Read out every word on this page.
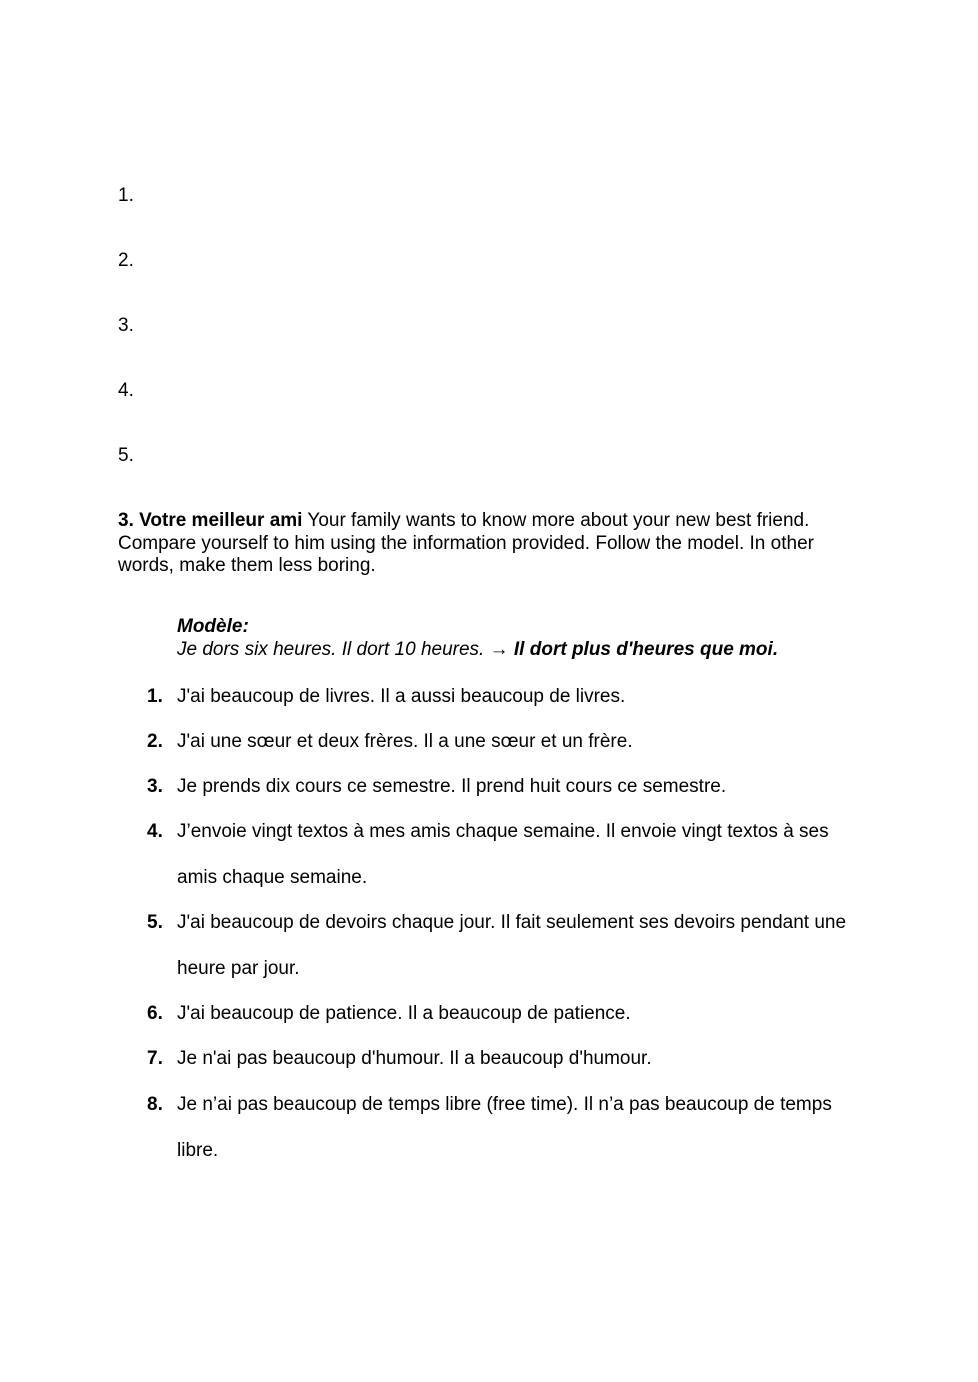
1.
2.
3.
4.
5.
3. Votre meilleur ami Your family wants to know more about your new best friend. Compare yourself to him using the information provided. Follow the model. In other words, make them less boring.
Modèle:
Je dors six heures. Il dort 10 heures. → Il dort plus d'heures que moi.
1. J'ai beaucoup de livres. Il a aussi beaucoup de livres.
2. J'ai une sœur et deux frères. Il a une sœur et un frère.
3. Je prends dix cours ce semestre. Il prend huit cours ce semestre.
4. J’envoie vingt textos à mes amis chaque semaine. Il envoie vingt textos à ses amis chaque semaine.
5. J'ai beaucoup de devoirs chaque jour. Il fait seulement ses devoirs pendant une heure par jour.
6. J'ai beaucoup de patience. Il a beaucoup de patience.
7. Je n'ai pas beaucoup d'humour. Il a beaucoup d'humour.
8. Je n’ai pas beaucoup de temps libre (free time). Il n’a pas beaucoup de temps libre.
